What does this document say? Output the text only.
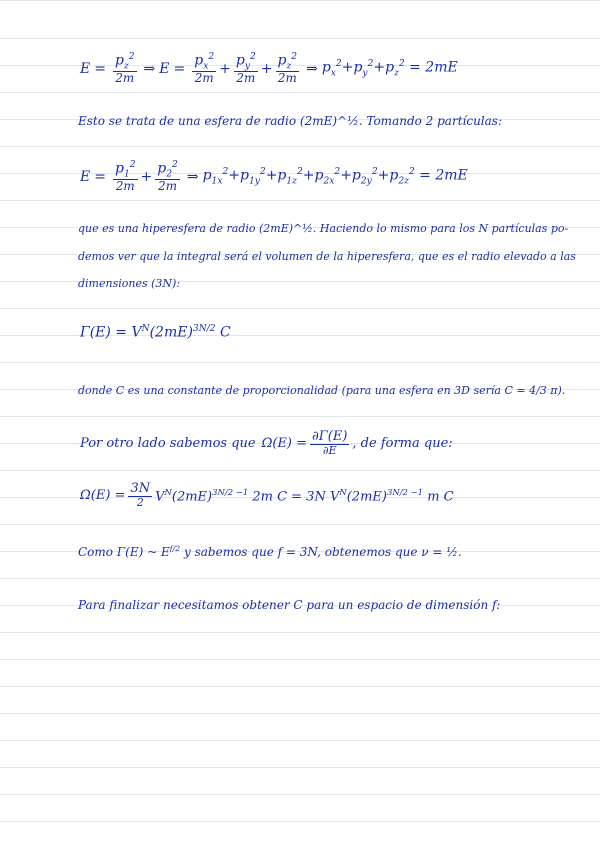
$E = \frac{p_z^2}{2m}$ ⇒ $E = \frac{p_x^2}{2m} + \frac{p_y^2}{2m} + \frac{p_z^2}{2m}$ ⇒ $p_x^2+p_y^2+p_z^2 = 2mE$
Esto se trata de una esfera de radio (2mE)^½. Tomando 2 partículas:
$E = \frac{p_1^2}{2m} + \frac{p_2^2}{2m}$ ⇒ $p_{1x}^2+p_{1y}^2+p_{1z}^2+p_{2x}^2+p_{2y}^2+p_{2z}^2 = 2mE$
que es una hiperesfera de radio (2mE)^½. Haciendo lo mismo para los N partículas po-
demos ver que la integral será el volumen de la hiperesfera, que es el radio elevado a las
dimensiones (3N):
$\Gamma(E) = V^N(2mE)^{3N/2}$ C
donde C es una constante de proporcionalidad (para una esfera en 3D sería C = 4/3 π).
Por otro lado sabemos que $\Omega(E) = \frac{\partial\Gamma(E)}{\partial E}$ , de forma que:
$\Omega(E) = \frac{3N}{2} V^N(2mE)^{3N/2 -1}$ 2m C = 3N $V^N(2mE)^{3N/2 -1}$ m C
Como Γ(E) ~ $E^{f/2}$ y sabemos que f = 3N, obtenemos que ν = ½.
Para finalizar necesitamos obtener C para un espacio de dimensión f:
